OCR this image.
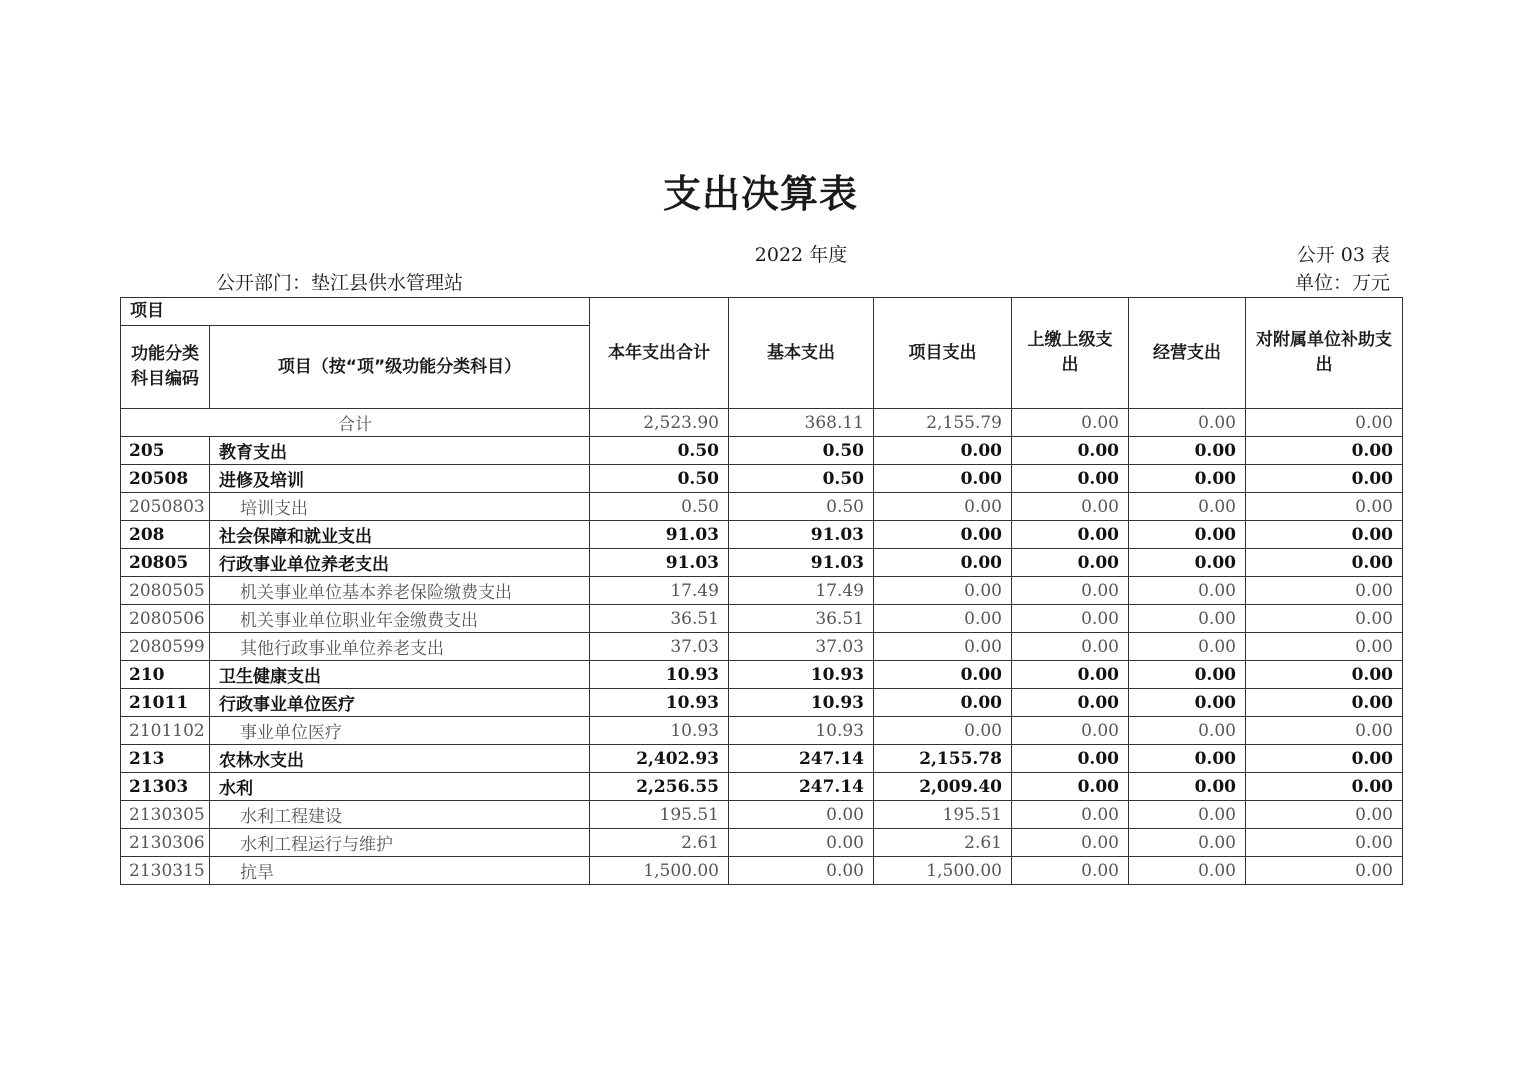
支出决算表
2022 年度	公开 03 表
公开部门：垫江县供水管理站	单位：万元
项目		本年支出合计	基本支出	项目支出	上缴上级支出	经营支出	对附属单位补助支出
功能分类科目编码	项目（按“项”级功能分类科目）						
合计		2,523.90	368.11	2,155.79	0.00	0.00	0.00
205	教育支出	0.50	0.50	0.00	0.00	0.00	0.00
20508	进修及培训	0.50	0.50	0.00	0.00	0.00	0.00
2050803	培训支出	0.50	0.50	0.00	0.00	0.00	0.00
208	社会保障和就业支出	91.03	91.03	0.00	0.00	0.00	0.00
20805	行政事业单位养老支出	91.03	91.03	0.00	0.00	0.00	0.00
2080505	机关事业单位基本养老保险缴费支出	17.49	17.49	0.00	0.00	0.00	0.00
2080506	机关事业单位职业年金缴费支出	36.51	36.51	0.00	0.00	0.00	0.00
2080599	其他行政事业单位养老支出	37.03	37.03	0.00	0.00	0.00	0.00
210	卫生健康支出	10.93	10.93	0.00	0.00	0.00	0.00
21011	行政事业单位医疗	10.93	10.93	0.00	0.00	0.00	0.00
2101102	事业单位医疗	10.93	10.93	0.00	0.00	0.00	0.00
213	农林水支出	2,402.93	247.14	2,155.78	0.00	0.00	0.00
21303	水利	2,256.55	247.14	2,009.40	0.00	0.00	0.00
2130305	水利工程建设	195.51	0.00	195.51	0.00	0.00	0.00
2130306	水利工程运行与维护	2.61	0.00	2.61	0.00	0.00	0.00
2130315	抗旱	1,500.00	0.00	1,500.00	0.00	0.00	0.00
